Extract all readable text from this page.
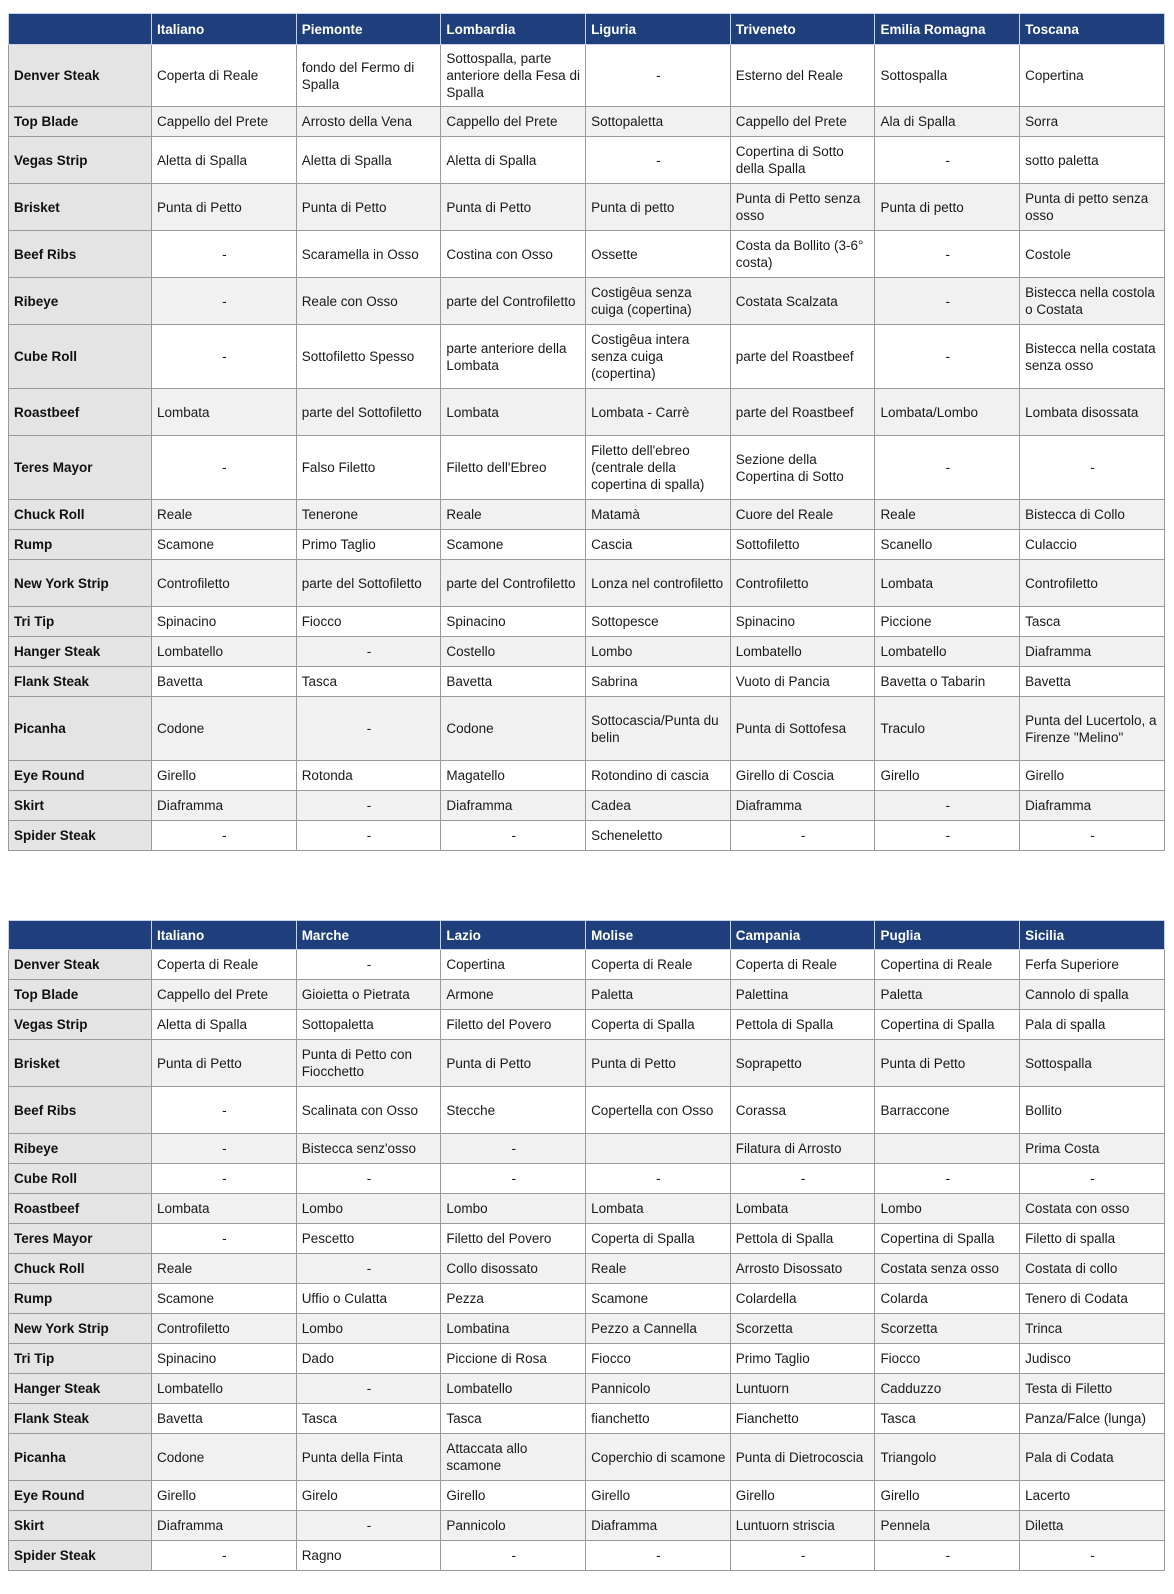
	Italiano	Piemonte	Lombardia	Liguria	Triveneto	Emilia Romagna	Toscana
Denver Steak	Coperta di Reale	fondo del Fermo di Spalla	Sottospalla, parte anteriore della Fesa di Spalla	-	Esterno del Reale	Sottospalla	Copertina
Top Blade	Cappello del Prete	Arrosto della Vena	Cappello del Prete	Sottopaletta	Cappello del Prete	Ala di Spalla	Sorra
Vegas Strip	Aletta di Spalla	Aletta di Spalla	Aletta di Spalla	-	Copertina di Sotto della Spalla	-	sotto paletta
Brisket	Punta di Petto	Punta di Petto	Punta di Petto	Punta di petto	Punta di Petto senza osso	Punta di petto	Punta di petto senza osso
Beef Ribs	-	Scaramella in Osso	Costina con Osso	Ossette	Costa da Bollito (3-6° costa)	-	Costole
Ribeye	-	Reale con Osso	parte del Controfiletto	Costigêua senza cuiga (copertina)	Costata Scalzata	-	Bistecca nella costola o Costata
Cube Roll	-	Sottofiletto Spesso	parte anteriore della Lombata	Costigêua intera senza cuiga (copertina)	parte del Roastbeef	-	Bistecca nella costata senza osso
Roastbeef	Lombata	parte del Sottofiletto	Lombata	Lombata - Carrè	parte del Roastbeef	Lombata/Lombo	Lombata disossata
Teres Mayor	-	Falso Filetto	Filetto dell'Ebreo	Filetto dell'ebreo (centrale della copertina di spalla)	Sezione della Copertina di Sotto	-	-
Chuck Roll	Reale	Tenerone	Reale	Matamà	Cuore del Reale	Reale	Bistecca di Collo
Rump	Scamone	Primo Taglio	Scamone	Cascia	Sottofiletto	Scanello	Culaccio
New York Strip	Controfiletto	parte del Sottofiletto	parte del Controfiletto	Lonza nel controfiletto	Controfiletto	Lombata	Controfiletto
Tri Tip	Spinacino	Fiocco	Spinacino	Sottopesce	Spinacino	Piccione	Tasca
Hanger Steak	Lombatello	-	Costello	Lombo	Lombatello	Lombatello	Diaframma
Flank Steak	Bavetta	Tasca	Bavetta	Sabrina	Vuoto di Pancia	Bavetta o Tabarin	Bavetta
Picanha	Codone	-	Codone	Sottocascia/Punta du belin	Punta di Sottofesa	Traculo	Punta del Lucertolo, a Firenze "Melino"
Eye Round	Girello	Rotonda	Magatello	Rotondino di cascia	Girello di Coscia	Girello	Girello
Skirt	Diaframma	-	Diaframma	Cadea	Diaframma	-	Diaframma
Spider Steak	-	-	-	Scheneletto	-	-	-
	Italiano	Marche	Lazio	Molise	Campania	Puglia	Sicilia
Denver Steak	Coperta di Reale	-	Copertina	Coperta di Reale	Coperta di Reale	Copertina di Reale	Ferfa Superiore
Top Blade	Cappello del Prete	Gioietta o Pietrata	Armone	Paletta	Palettina	Paletta	Cannolo di spalla
Vegas Strip	Aletta di Spalla	Sottopaletta	Filetto del Povero	Coperta di Spalla	Pettola di Spalla	Copertina di Spalla	Pala di spalla
Brisket	Punta di Petto	Punta di Petto con Fiocchetto	Punta di Petto	Punta di Petto	Soprapetto	Punta di Petto	Sottospalla
Beef Ribs	-	Scalinata con Osso	Stecche	Copertella con Osso	Corassa	Barraccone	Bollito
Ribeye	-	Bistecca senz'osso	-		Filatura di Arrosto		Prima Costa
Cube Roll	-	-	-	-	-	-	-
Roastbeef	Lombata	Lombo	Lombo	Lombata	Lombata	Lombo	Costata con osso
Teres Mayor	-	Pescetto	Filetto del Povero	Coperta di Spalla	Pettola di Spalla	Copertina di Spalla	Filetto di spalla
Chuck Roll	Reale	-	Collo disossato	Reale	Arrosto Disossato	Costata senza osso	Costata di collo
Rump	Scamone	Uffio o Culatta	Pezza	Scamone	Colardella	Colarda	Tenero di Codata
New York Strip	Controfiletto	Lombo	Lombatina	Pezzo a Cannella	Scorzetta	Scorzetta	Trinca
Tri Tip	Spinacino	Dado	Piccione di Rosa	Fiocco	Primo Taglio	Fiocco	Judisco
Hanger Steak	Lombatello	-	Lombatello	Pannicolo	Luntuorn	Cadduzzo	Testa di Filetto
Flank Steak	Bavetta	Tasca	Tasca	fianchetto	Fianchetto	Tasca	Panza/Falce (lunga)
Picanha	Codone	Punta della Finta	Attaccata allo scamone	Coperchio di scamone	Punta di Dietrocoscia	Triangolo	Pala di Codata
Eye Round	Girello	Girelo	Girello	Girello	Girello	Girello	Lacerto
Skirt	Diaframma	-	Pannicolo	Diaframma	Luntuorn striscia	Pennela	Diletta
Spider Steak	-	Ragno	-	-	-	-	-
